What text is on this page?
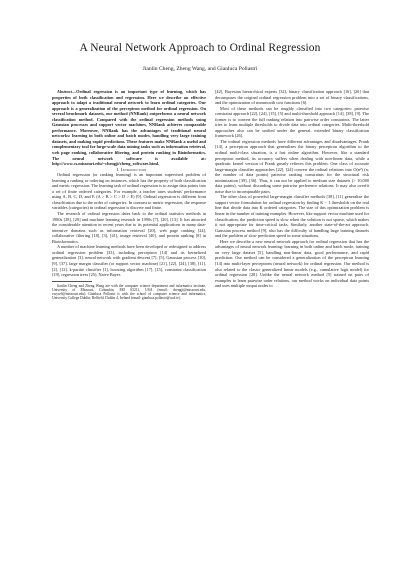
A Neural Network Approach to Ordinal Regression
Jianlin Cheng, Zheng Wang, and Gianluca Pollastri

Abstract—Ordinal regression is an important type of learning, which has properties of both classification and regression. Here we describe an effective approach to adapt a traditional neural network to learn ordinal categories. Our approach is a generalization of the perceptron method for ordinal regression. On several benchmark datasets, our method (NNRank) outperforms a neural network classification method. Compared with the ordinal regression methods using Gaussian processes and support vector machines, NNRank achieves comparable performance. Moreover, NNRank has the advantages of traditional neural networks: learning in both online and batch modes, handling very large training datasets, and making rapid predictions. These features make NNRank a useful and complementary tool for large-scale data mining tasks such as information retrieval, web page ranking, collaborative filtering, and protein ranking in Bioinformatics. The neural network software is available at: http://www.cs.missouri.edu/~chengji/cheng_software.html.

I. Introduction

Ordinal regression (or ranking learning) is an important supervised problem of learning a ranking or ordering on instances, which has the property of both classification and metric regression. The learning task of ordinal regression is to assign data points into a set of finite ordered categories. For example, a teacher rates students' performance using A, B, C, D, and E (A > B > C > D > E) [9]. Ordinal regression is different from classification due to the order of categories. In contrast to metric regression, the response variables (categories) in ordinal regression is discrete and finite.

The research of ordinal regression dates back to the ordinal statistics methods in 1980s [28], [29] and machine learning research in 1990s [7], [20], [13]. It has attracted the considerable attention in recent years due to its potential applications in many data-intensive domains such as information retrieval [20], web page ranking [24], collaborative filtering [18], [3], [41], image retrieval [40], and protein ranking [8] in Bioinformatics.

A number of machine learning methods have been developed or redesigned to address ordinal regression problem [33], including perceptron [14] and its kernelized generalization [3], neural network with gradient descent [7], [5], Gaussian process [10], [9], [37], large margin classifier (or support vector machine) [21], [22], [24], [38], [11], [2], [12], k-partite classifier [1], boosting algorithm [17], [15], constraint classification [19], regression trees [25], Naive Bayes

Jianlin Cheng and Zheng Wang are with the computer science department and informatics institute, University of Missouri, Columbia, MO 65211, USA (email: chengji@missouri.edu, zwyw6@missouri.edu). Gianluca Pollastri is with the school of computer science and informatics, University College Dublin, Belfield, Dublin 4, Ireland (email: gianluca.pollastri@ucd.ie).

[42], Bayesian hierarchical experts [32], binary classification approach [16], [26] that decomposes the original ordinal regression problem into a set of binary classifications, and the optimization of nonsmooth cost functions [6].

Most of these methods can be roughly classified into two categories: pairwise constraint approach [22], [24], [15], [5] and multi-threshold approach [14], [38], [9]. The former is to convert the full ranking relation into pairwise order constraints. The latter tries to learn multiple thresholds to divide data into ordinal categories. Multi-threshold approaches also can be unified under the general, extended binary classification framework [26].

The ordinal regression methods have different advantages and disadvantages. Prank [14], a perceptron approach that generalizes the binary perceptron algorithm to the ordinal multi-class situation, is a fast online algorithm. However, like a standard perceptron method, its accuracy suffers when dealing with non-linear data, while a quadratic kernel version of Prank greatly relieves this problem. One class of accurate large-margin classifier approaches [22], [24] convert the ordinal relations into O(n²) (n: the number of data points) pairwise ranking constraints for the structural risk minimization [39], [36]. Thus, it can not be applied to medium size datasets (> 10,000 data points), without discarding some pairwise preference relations. It may also overfit noise due to incomparable pairs.

The other class of powerful large-margin classifier methods [38], [11] generalize the support vector formulation for ordinal regression by finding K − 1 thresholds on the real line that divide data into K ordered categories. The size of this optimization problem is linear in the number of training examples. However, like support vector machine used for classification, the prediction speed is slow when the solution is not sparse, which makes it not appropriate for time-critical tasks. Similarly, another state-of-the-art approach, Gaussian process method [9], also has the difficulty of handling large training datasets and the problem of slow prediction speed in some situations.

Here we describe a new neural network approach for ordinal regression that has the advantages of neural network learning: learning in both online and batch mode, training on very large dataset [5], handling non-linear data, good performance, and rapid prediction. Our method can be considered a generalization of the perceptron learning [14] into multi-layer perceptrons (neural network) for ordinal regression. Our method is also related to the classic generalized linear models (e.g., cumulative logit model) for ordinal regression [28]. Unlike the neural network method [5] trained on pairs of examples to learn pairwise order relations, our method works on individual data points and uses multiple output nodes to
